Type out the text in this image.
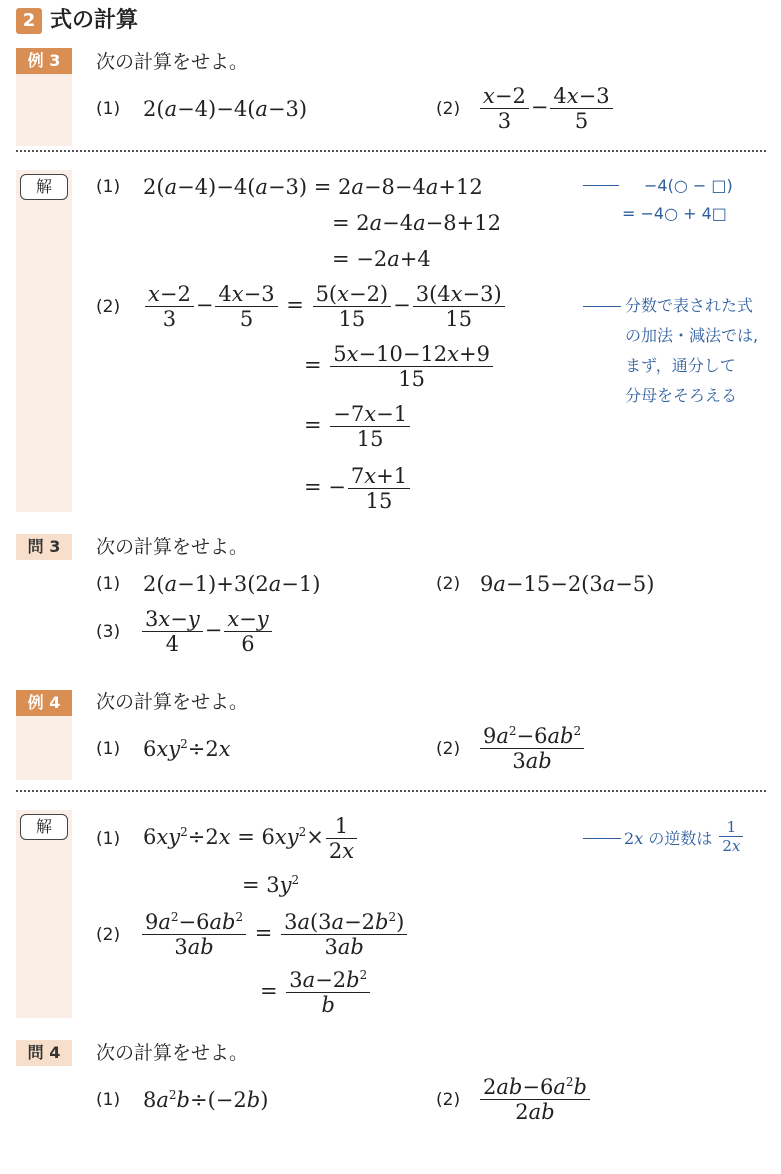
2 式の計算
例 3	次の計算をせよ。
(1) 2(a−4)−4(a−3)	$(2) \frac{x-2}{3} - \frac{4x-3}{5}$
解	(1) 2(a−4)−4(a−3) = 2a−8−4a+12
= 2a−4a−8+12
= −2a+4
−4(○ − □)
= −4○ + 4□
$(2) \frac{x-2}{3} - \frac{4x-3}{5} = \frac{5(x-2)}{15} - \frac{3(4x-3)}{15}$
= $\frac{5x-10-12x+9}{15}$
= $\frac{-7x-1}{15}$
= − $\frac{7x+1}{15}$
分数で表された式
の加法・減法では,
まず，通分して
分母をそろえる
問 3	次の計算をせよ。
(1) 2(a−1)+3(2a−1)	(2) 9a−15−2(3a−5)
$(3) \frac{3x-y}{4} - \frac{x-y}{6}$
例 4	次の計算をせよ。
(1) $6xy^2\div 2x$	$(2) \frac{9a^2-6ab^2}{3ab}$
解
(1) $6xy^2\div 2x = 6xy^2\times \frac{1}{2x}$
= $3y^2$
2x の逆数は $\frac{1}{2x}$
$(2) \frac{9a^2-6ab^2}{3ab} = \frac{3a(3a-2b^2)}{3ab}$
= $\frac{3a-2b^2}{b}$
問 4	次の計算をせよ。
(1) $8a^2b\div(-2b)$	$(2) \frac{2ab-6a^2b}{2ab}$
